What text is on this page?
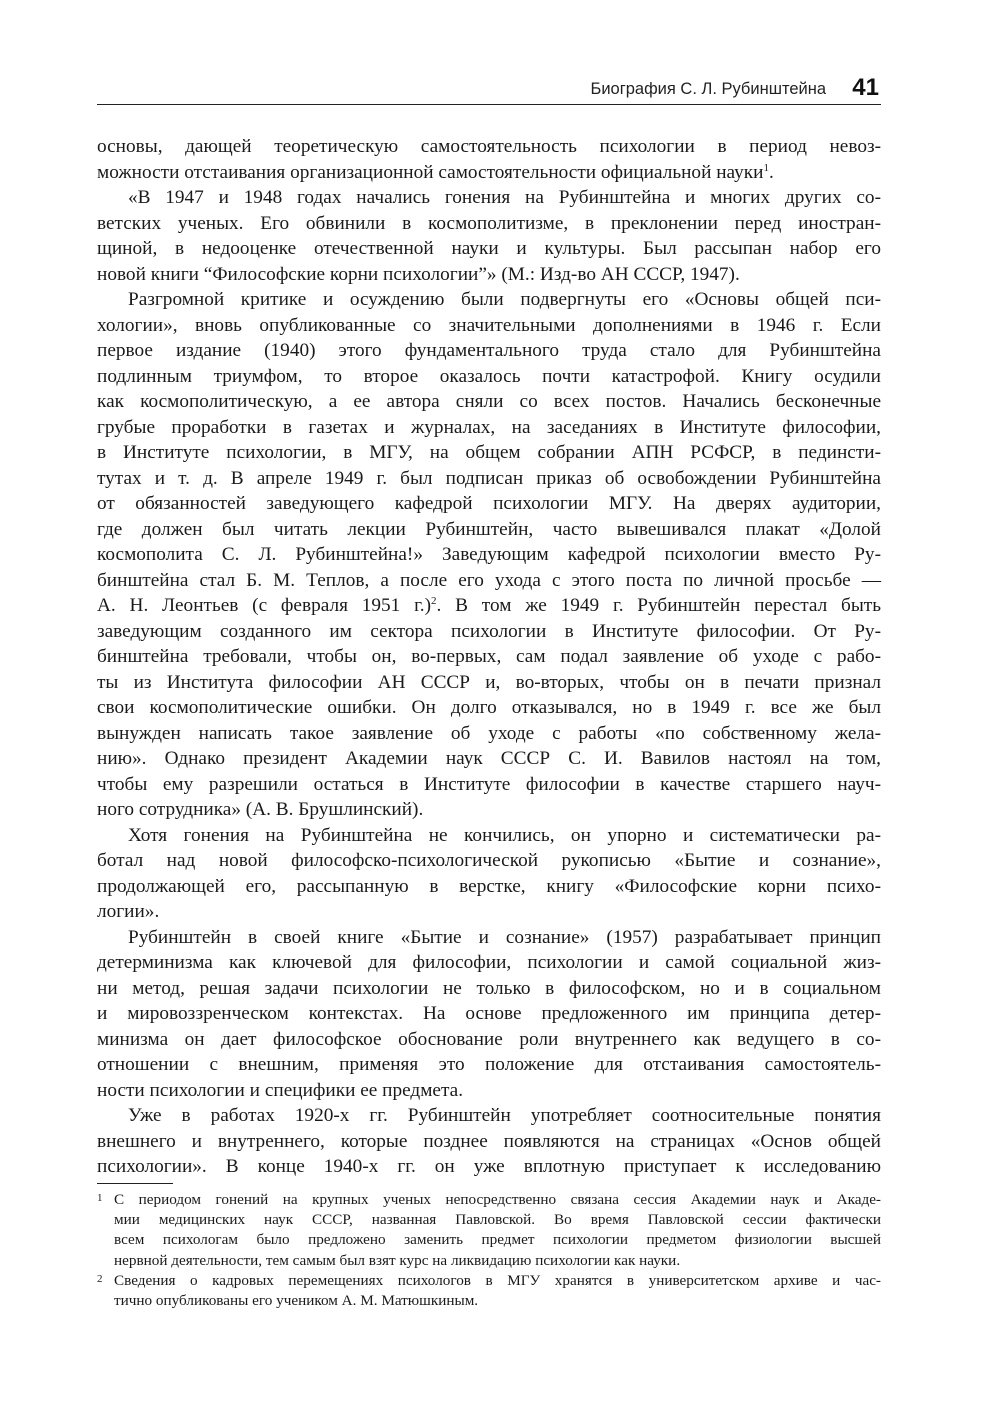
Биография С. Л. Рубинштейна 41
основы, дающей теоретическую самостоятельность психологии в период невоз-
можности отстаивания организационной самостоятельности официальной науки$^1$.
«В 1947 и 1948 годах начались гонения на Рубинштейна и многих других со-
ветских ученых. Его обвинили в космополитизме, в преклонении перед иностран-
щиной, в недооценке отечественной науки и культуры. Был рассыпан набор его
новой книги “Философские корни психологии”» (М.: Изд-во АН СССР, 1947).
Разгромной критике и осуждению были подвергнуты его «Основы общей пси-
хологии», вновь опубликованные со значительными дополнениями в 1946 г. Если
первое издание (1940) этого фундаментального труда стало для Рубинштейна
подлинным триумфом, то второе оказалось почти катастрофой. Книгу осудили
как космополитическую, а ее автора сняли со всех постов. Начались бесконечные
грубые проработки в газетах и журналах, на заседаниях в Институте философии,
в Институте психологии, в МГУ, на общем собрании АПН РСФСР, в пединсти-
тутах и т. д. В апреле 1949 г. был подписан приказ об освобождении Рубинштейна
от обязанностей заведующего кафедрой психологии МГУ. На дверях аудитории,
где должен был читать лекции Рубинштейн, часто вывешивался плакат «Долой
космополита С. Л. Рубинштейна!» Заведующим кафедрой психологии вместо Ру-
бинштейна стал Б. М. Теплов, а после его ухода с этого поста по личной просьбе —
А. Н. Леонтьев (с февраля 1951 г.)$^2$. В том же 1949 г. Рубинштейн перестал быть
заведующим созданного им сектора психологии в Институте философии. От Ру-
бинштейна требовали, чтобы он, во-первых, сам подал заявление об уходе с рабо-
ты из Института философии АН СССР и, во-вторых, чтобы он в печати признал
свои космополитические ошибки. Он долго отказывался, но в 1949 г. все же был
вынужден написать такое заявление об уходе с работы «по собственному жела-
нию». Однако президент Академии наук СССР С. И. Вавилов настоял на том,
чтобы ему разрешили остаться в Институте философии в качестве старшего науч-
ного сотрудника» (А. В. Брушлинский).
Хотя гонения на Рубинштейна не кончились, он упорно и систематически ра-
ботал над новой философско-психологической рукописью «Бытие и сознание»,
продолжающей его, рассыпанную в верстке, книгу «Философские корни психо-
логии».
Рубинштейн в своей книге «Бытие и сознание» (1957) разрабатывает принцип
детерминизма как ключевой для философии, психологии и самой социальной жиз-
ни метод, решая задачи психологии не только в философском, но и в социальном
и мировоззренческом контекстах. На основе предложенного им принципа детер-
минизма он дает философское обоснование роли внутреннего как ведущего в со-
отношении с внешним, применяя это положение для отстаивания самостоятель-
ности психологии и специфики ее предмета.
Уже в работах 1920-х гг. Рубинштейн употребляет соотносительные понятия
внешнего и внутреннего, которые позднее появляются на страницах «Основ общей
психологии». В конце 1940-х гг. он уже вплотную приступает к исследованию
1 С периодом гонений на крупных ученых непосредственно связана сессия Академии наук и Акаде-
мии медицинских наук СССР, названная Павловской. Во время Павловской сессии фактически
всем психологам было предложено заменить предмет психологии предметом физиологии высшей
нервной деятельности, тем самым был взят курс на ликвидацию психологии как науки.
2 Сведения о кадровых перемещениях психологов в МГУ хранятся в университетском архиве и час-
тично опубликованы его учеником А. М. Матюшкиным.
